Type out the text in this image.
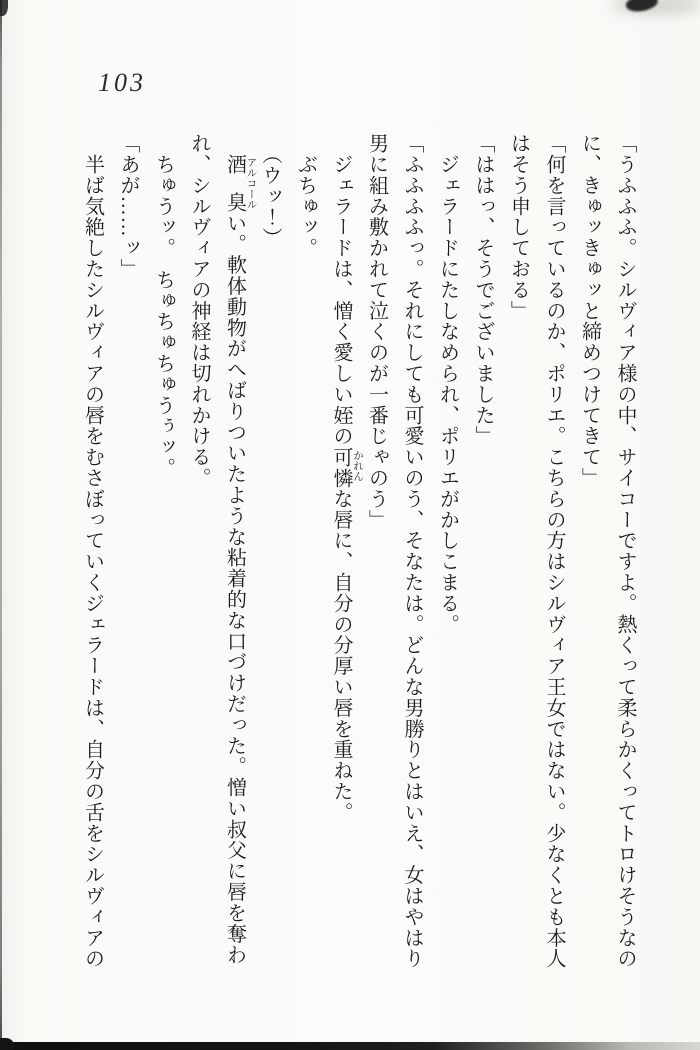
103

「うふふふ。シルヴィア様の中、サイコーですよ。熱くって柔らかくってトロけそうなのに、きゅッきゅッと締めつけてきて」

「何を言っているのか、ポリエ。こちらの方はシルヴィア王女ではない。少なくとも本人はそう申しておる」

「ははっ、そうでございました」

　ジェラードにたしなめられ、ポリエがかしこまる。

「ふふふふっ。それにしても可愛いのう、そなたは。どんな男勝りとはいえ、女はやはり男に組み敷かれて泣くのが一番じゃのう」

　ジェラードは、憎く愛しい姪の可憐 かれん
な唇に、自分の分厚い唇を重ねた。

　ぶちゅッ。

　（ウッ！）

　酒 アルコール
臭い。軟体動物がへばりついたような粘着的な口づけだった。憎い叔父に唇を奪われ、シルヴィアの神経は切れかける。

　ちゅうッ。　ちゅちゅちゅうぅッ。

「あが……ッ」

　半ば気絶したシルヴィアの唇をむさぼっていくジェラードは、自分の舌をシルヴィアの
